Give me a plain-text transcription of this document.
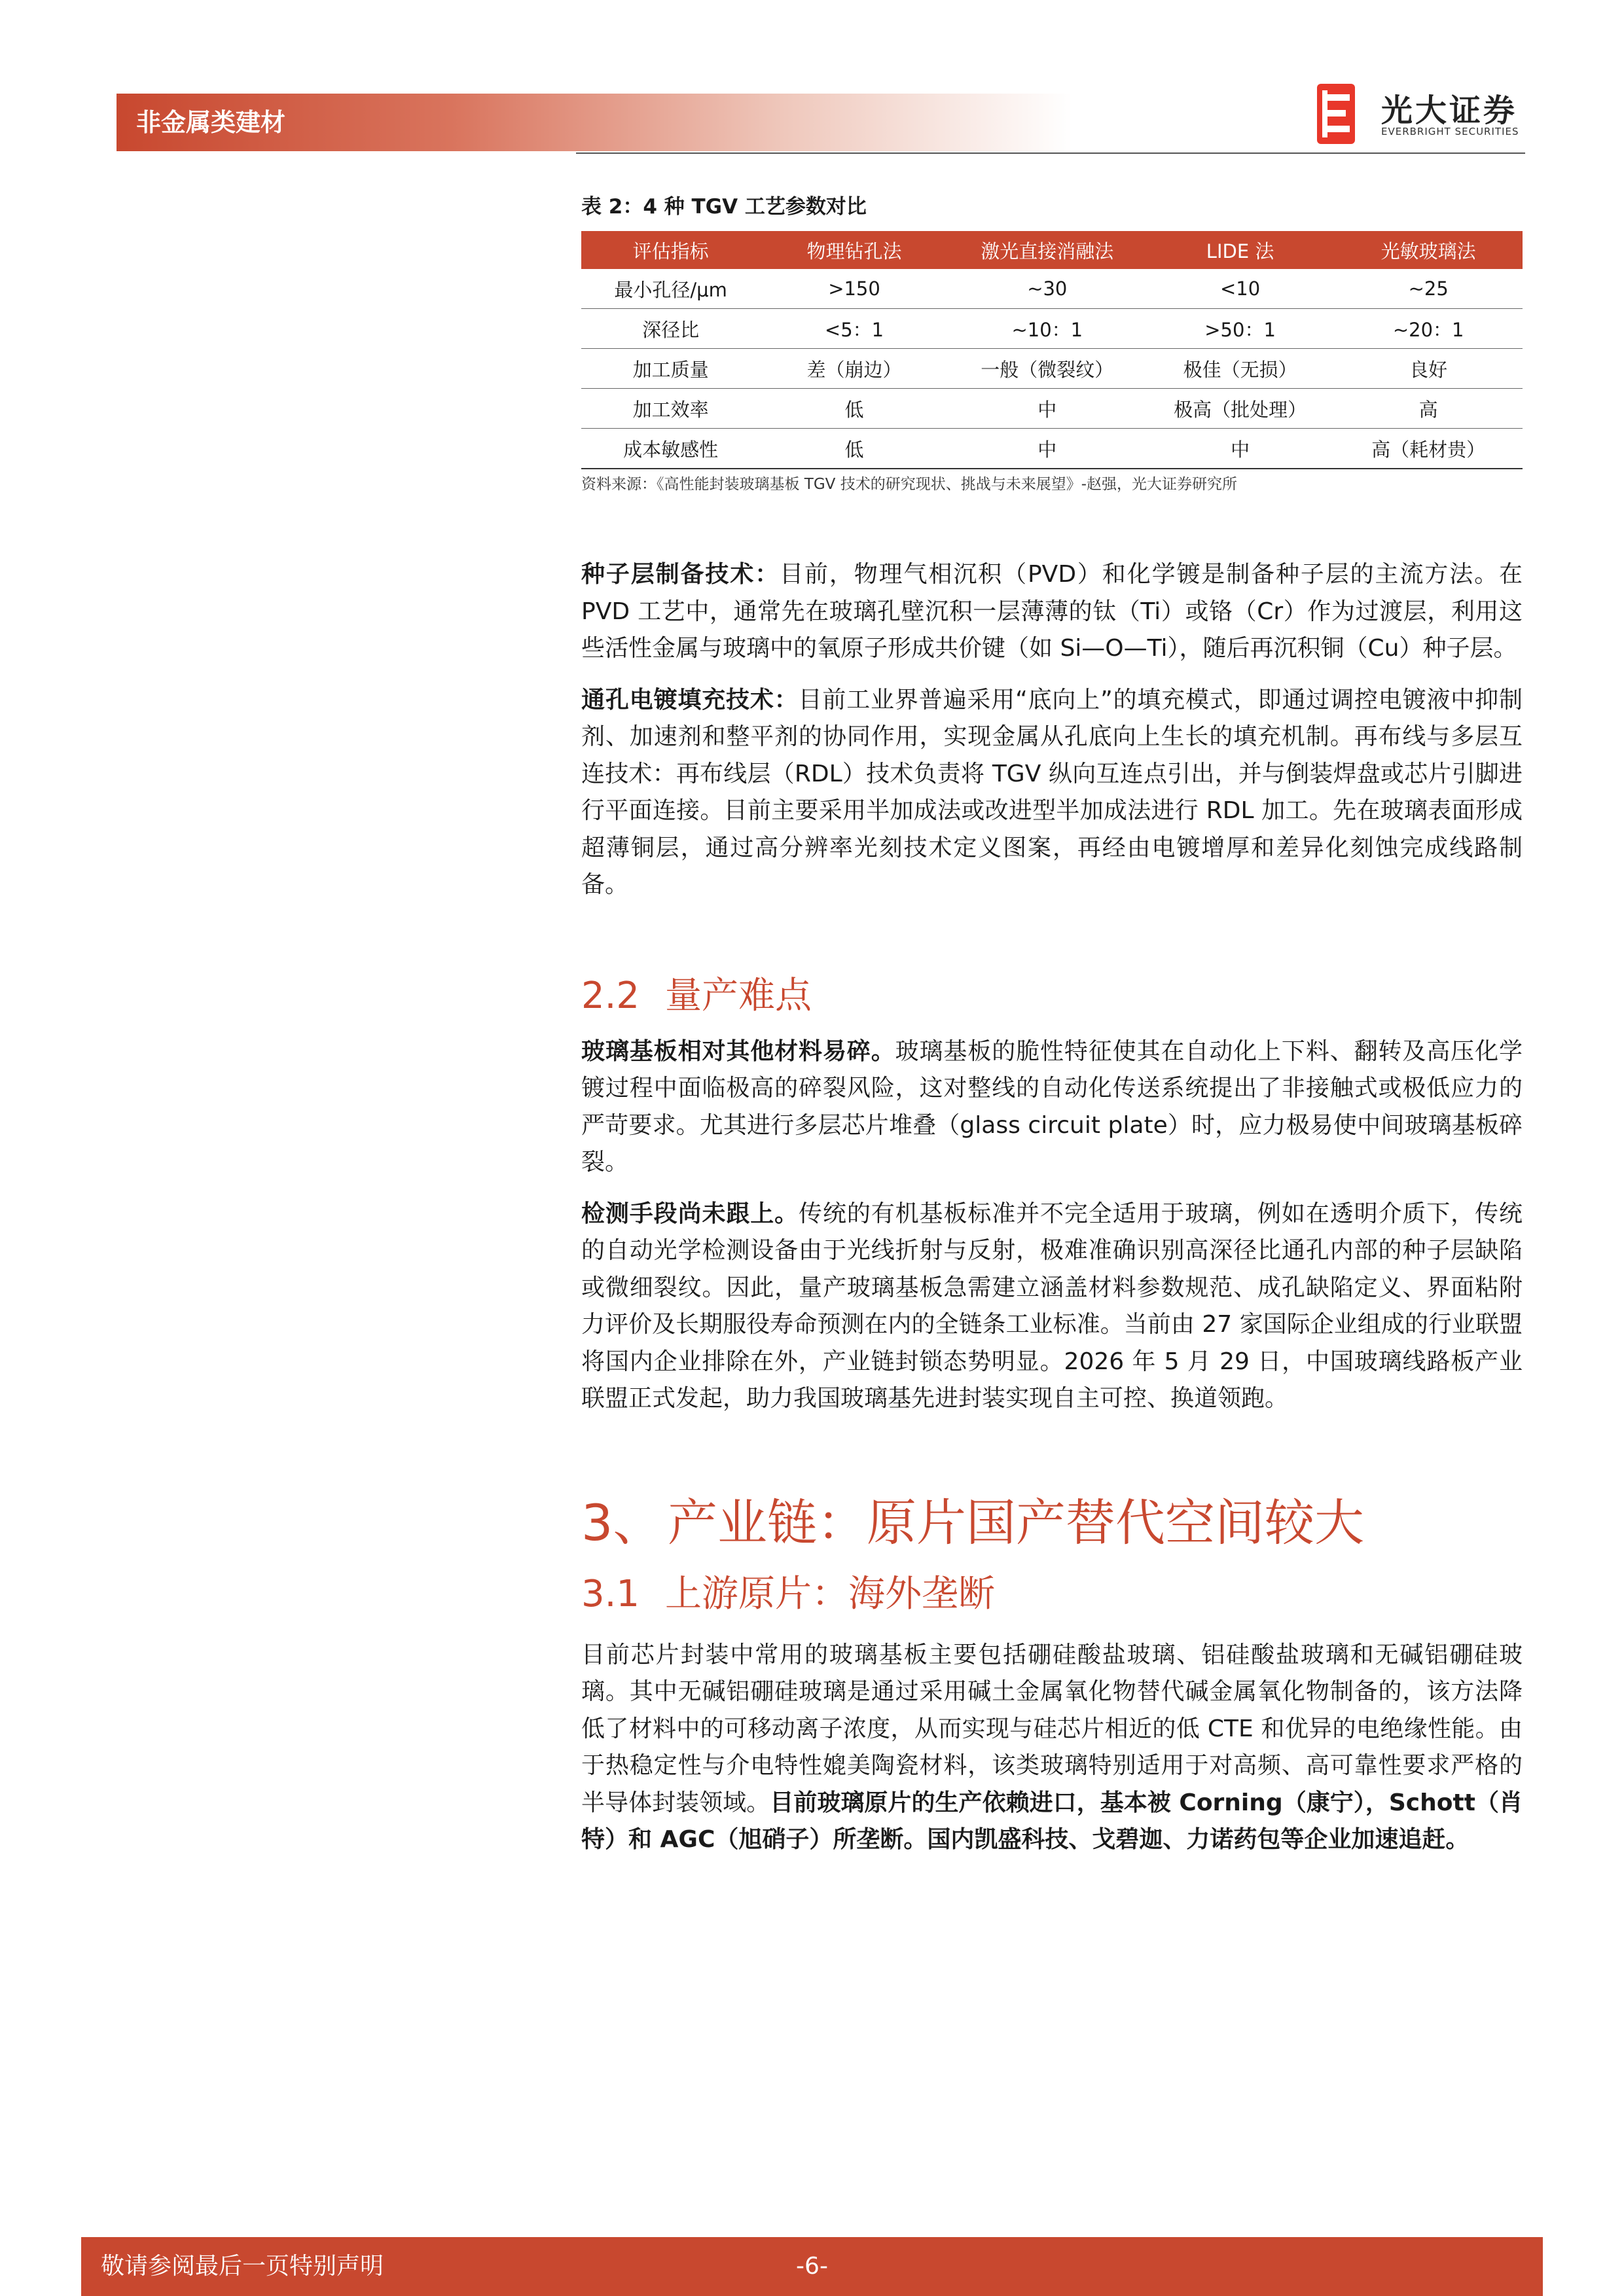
非金属类建材	光大证券
EVERBRIGHT SECURITIES
表 2：4 种 TGV 工艺参数对比
评估指标	物理钻孔法	激光直接消融法	LIDE 法	光敏玻璃法
最小孔径/μm	>150	~30	<10	~25
深径比	<5：1	~10：1	>50：1	~20：1
加工质量	差（崩边）	一般（微裂纹）	极佳（无损）	良好
加工效率	低	中	极高（批处理）	高
成本敏感性	低	中	中	高（耗材贵）
资料来源：《高性能封装玻璃基板 TGV 技术的研究现状、挑战与未来展望》-赵强，光大证券研究所

种子层制备技术：目前，物理气相沉积（PVD）和化学镀是制备种子层的主流方法。在 PVD 工艺中，通常先在玻璃孔壁沉积一层薄薄的钛（Ti）或铬（Cr）作为过渡层，利用这些活性金属与玻璃中的氧原子形成共价键（如 Si—O—Ti），随后再沉积铜（Cu）种子层。

通孔电镀填充技术：目前工业界普遍采用“底向上”的填充模式，即通过调控电镀液中抑制剂、加速剂和整平剂的协同作用，实现金属从孔底向上生长的填充机制。再布线与多层互连技术：再布线层（RDL）技术负责将 TGV 纵向互连点引出，并与倒装焊盘或芯片引脚进行平面连接。目前主要采用半加成法或改进型半加成法进行 RDL 加工。先在玻璃表面形成超薄铜层，通过高分辨率光刻技术定义图案，再经由电镀增厚和差异化刻蚀完成线路制备。

2.2 量产难点

玻璃基板相对其他材料易碎。玻璃基板的脆性特征使其在自动化上下料、翻转及高压化学镀过程中面临极高的碎裂风险，这对整线的自动化传送系统提出了非接触式或极低应力的严苛要求。尤其进行多层芯片堆叠（glass circuit plate）时，应力极易使中间玻璃基板碎裂。

检测手段尚未跟上。传统的有机基板标准并不完全适用于玻璃，例如在透明介质下，传统的自动光学检测设备由于光线折射与反射，极难准确识别高深径比通孔内部的种子层缺陷或微细裂纹。因此，量产玻璃基板急需建立涵盖材料参数规范、成孔缺陷定义、界面粘附力评价及长期服役寿命预测在内的全链条工业标准。当前由 27 家国际企业组成的行业联盟将国内企业排除在外，产业链封锁态势明显。2026 年 5 月 29 日，中国玻璃线路板产业联盟正式发起，助力我国玻璃基先进封装实现自主可控、换道领跑。

3、 产业链：原片国产替代空间较大
3.1 上游原片：海外垄断

目前芯片封装中常用的玻璃基板主要包括硼硅酸盐玻璃、铝硅酸盐玻璃和无碱铝硼硅玻璃。其中无碱铝硼硅玻璃是通过采用碱土金属氧化物替代碱金属氧化物制备的，该方法降低了材料中的可移动离子浓度，从而实现与硅芯片相近的低 CTE 和优异的电绝缘性能。由于热稳定性与介电特性媲美陶瓷材料，该类玻璃特别适用于对高频、高可靠性要求严格的半导体封装领域。目前玻璃原片的生产依赖进口，基本被 Corning（康宁），Schott（肖特）和 AGC（旭硝子）所垄断。国内凯盛科技、戈碧迦、力诺药包等企业加速追赶。

-6-
敬请参阅最后一页特别声明
